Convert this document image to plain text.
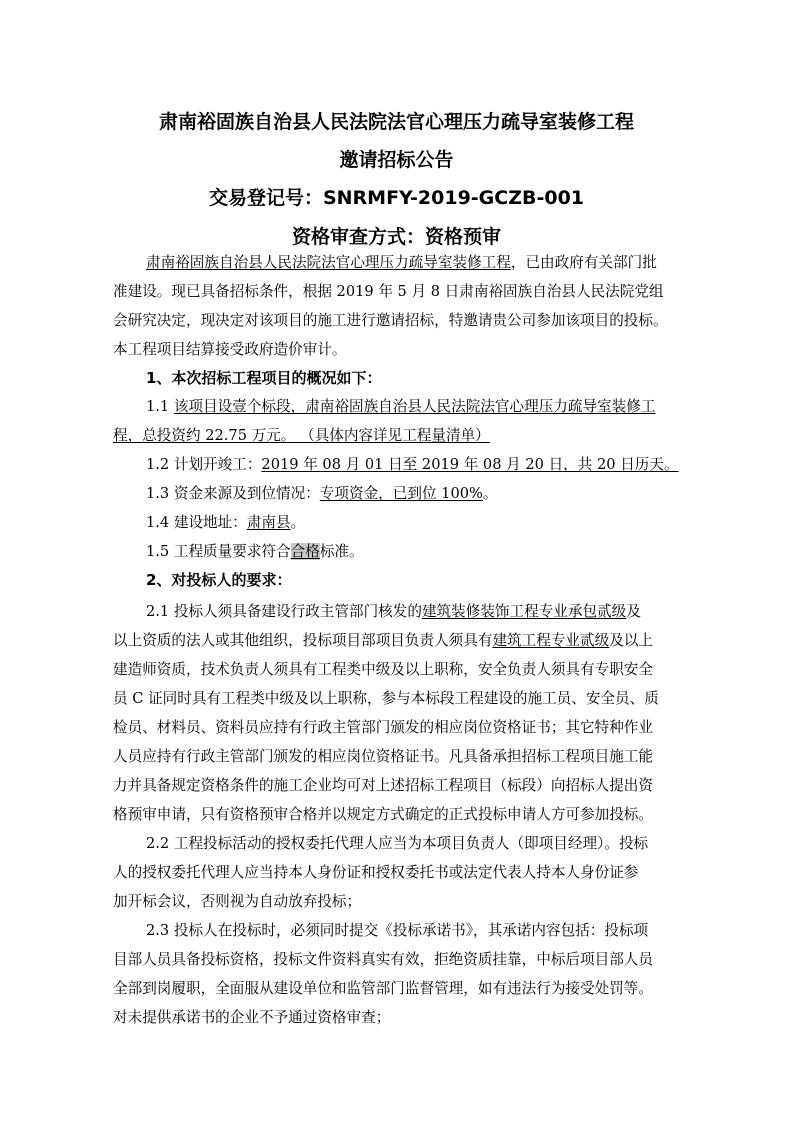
肃南裕固族自治县人民法院法官心理压力疏导室装修工程
邀请招标公告
交易登记号：SNRMFY-2019-GCZB-001
资格审查方式：资格预审
肃南裕固族自治县人民法院法官心理压力疏导室装修工程，已由政府有关部门批
准建设。现已具备招标条件，根据 2019 年 5 月 8 日肃南裕固族自治县人民法院党组
会研究决定，现决定对该项目的施工进行邀请招标，特邀请贵公司参加该项目的投标。
本工程项目结算接受政府造价审计。
1、本次招标工程项目的概况如下：
1.1 该项目设壹个标段，肃南裕固族自治县人民法院法官心理压力疏导室装修工
程，总投资约 22.75 万元。 （具体内容详见工程量清单）
1.2 计划开竣工：2019 年 08 月 01 日至 2019 年 08 月 20 日，共 20 日历天。
1.3 资金来源及到位情况：专项资金，已到位 100%。
1.4 建设地址：肃南县。
1.5 工程质量要求符合合格标准。
2、对投标人的要求：
2.1 投标人须具备建设行政主管部门核发的建筑装修装饰工程专业承包贰级及
以上资质的法人或其他组织，投标项目部项目负责人须具有建筑工程专业贰级及以上
建造师资质，技术负责人须具有工程类中级及以上职称，安全负责人须具有专职安全
员 C 证同时具有工程类中级及以上职称，参与本标段工程建设的施工员、安全员、质
检员、材料员、资料员应持有行政主管部门颁发的相应岗位资格证书；其它特种作业
人员应持有行政主管部门颁发的相应岗位资格证书。凡具备承担招标工程项目施工能
力并具备规定资格条件的施工企业均可对上述招标工程项目（标段）向招标人提出资
格预审申请，只有资格预审合格并以规定方式确定的正式投标申请人方可参加投标。
2.2 工程投标活动的授权委托代理人应当为本项目负责人（即项目经理）。投标
人的授权委托代理人应当持本人身份证和授权委托书或法定代表人持本人身份证参
加开标会议，否则视为自动放弃投标；
2.3 投标人在投标时，必须同时提交《投标承诺书》，其承诺内容包括：投标项
目部人员具备投标资格，投标文件资料真实有效，拒绝资质挂靠，中标后项目部人员
全部到岗履职，全面服从建设单位和监管部门监督管理，如有违法行为接受处罚等。
对未提供承诺书的企业不予通过资格审查；
